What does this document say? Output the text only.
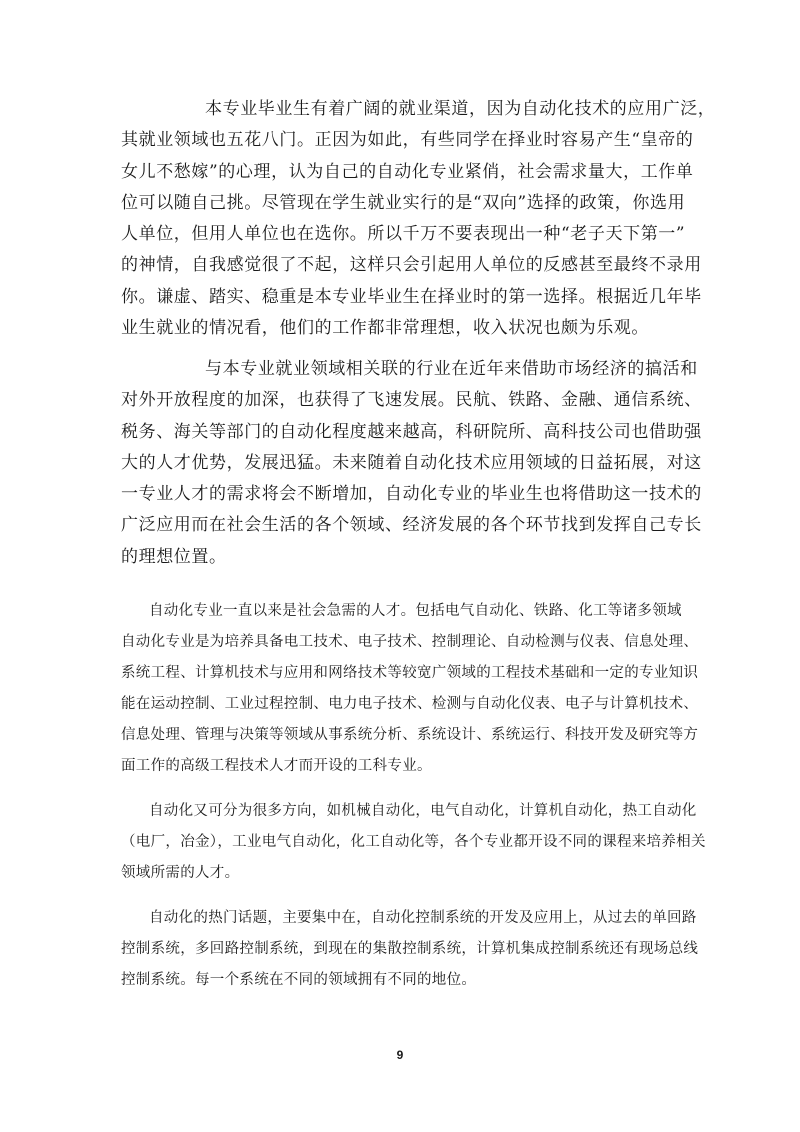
本专业毕业生有着广阔的就业渠道，因为自动化技术的应用广泛，
其就业领域也五花八门。正因为如此，有些同学在择业时容易产生“皇帝的
女儿不愁嫁”的心理，认为自己的自动化专业紧俏，社会需求量大，工作单
位可以随自己挑。尽管现在学生就业实行的是“双向”选择的政策，你选用
人单位，但用人单位也在选你。所以千万不要表现出一种“老子天下第一”
的神情，自我感觉很了不起，这样只会引起用人单位的反感甚至最终不录用
你。谦虚、踏实、稳重是本专业毕业生在择业时的第一选择。根据近几年毕
业生就业的情况看，他们的工作都非常理想，收入状况也颇为乐观。

与本专业就业领域相关联的行业在近年来借助市场经济的搞活和
对外开放程度的加深，也获得了飞速发展。民航、铁路、金融、通信系统、
税务、海关等部门的自动化程度越来越高，科研院所、高科技公司也借助强
大的人才优势，发展迅猛。未来随着自动化技术应用领域的日益拓展，对这
一专业人才的需求将会不断增加，自动化专业的毕业生也将借助这一技术的
广泛应用而在社会生活的各个领域、经济发展的各个环节找到发挥自己专长
的理想位置。

自动化专业一直以来是社会急需的人才。包括电气自动化、铁路、化工等诸多领域
自动化专业是为培养具备电工技术、电子技术、控制理论、自动检测与仪表、信息处理、
系统工程、计算机技术与应用和网络技术等较宽广领域的工程技术基础和一定的专业知识
能在运动控制、工业过程控制、电力电子技术、检测与自动化仪表、电子与计算机技术、
信息处理、管理与决策等领域从事系统分析、系统设计、系统运行、科技开发及研究等方
面工作的高级工程技术人才而开设的工科专业。

自动化又可分为很多方向，如机械自动化，电气自动化，计算机自动化，热工自动化
（电厂，冶金），工业电气自动化，化工自动化等，各个专业都开设不同的课程来培养相关
领域所需的人才。

自动化的热门话题，主要集中在，自动化控制系统的开发及应用上，从过去的单回路
控制系统，多回路控制系统，到现在的集散控制系统，计算机集成控制系统还有现场总线
控制系统。每一个系统在不同的领域拥有不同的地位。

9
